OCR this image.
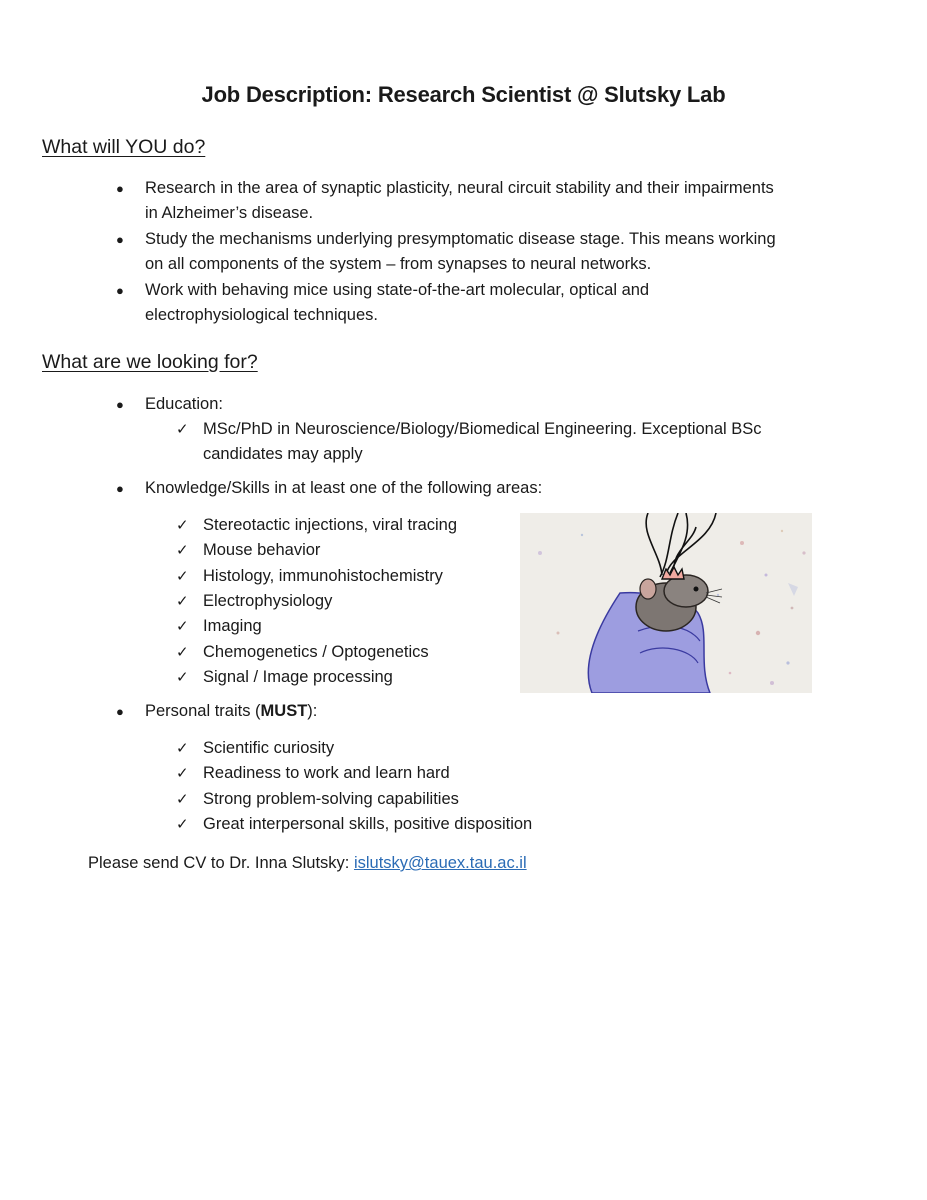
Job Description: Research Scientist @ Slutsky Lab
What will YOU do?
●	Research in the area of synaptic plasticity, neural circuit stability and their impairments
in Alzheimer’s disease.
●	Study the mechanisms underlying presymptomatic disease stage. This means working
on all components of the system – from synapses to neural networks.
●	Work with behaving mice using state-of-the-art molecular, optical and
electrophysiological techniques.
What are we looking for?
●	Education:
✓ MSc/PhD in Neuroscience/Biology/Biomedical Engineering. Exceptional BSc
candidates may apply
●	Knowledge/Skills in at least one of the following areas:
✓ Stereotactic injections, viral tracing
✓ Mouse behavior
✓ Histology, immunohistochemistry
✓ Electrophysiology
✓ Imaging
✓ Chemogenetics / Optogenetics
✓ Signal / Image processing
●	Personal traits (MUST):
✓ Scientific curiosity
✓ Readiness to work and learn hard
✓ Strong problem-solving capabilities
✓ Great interpersonal skills, positive disposition
Please send CV to Dr. Inna Slutsky: islutsky@tauex.tau.ac.il
